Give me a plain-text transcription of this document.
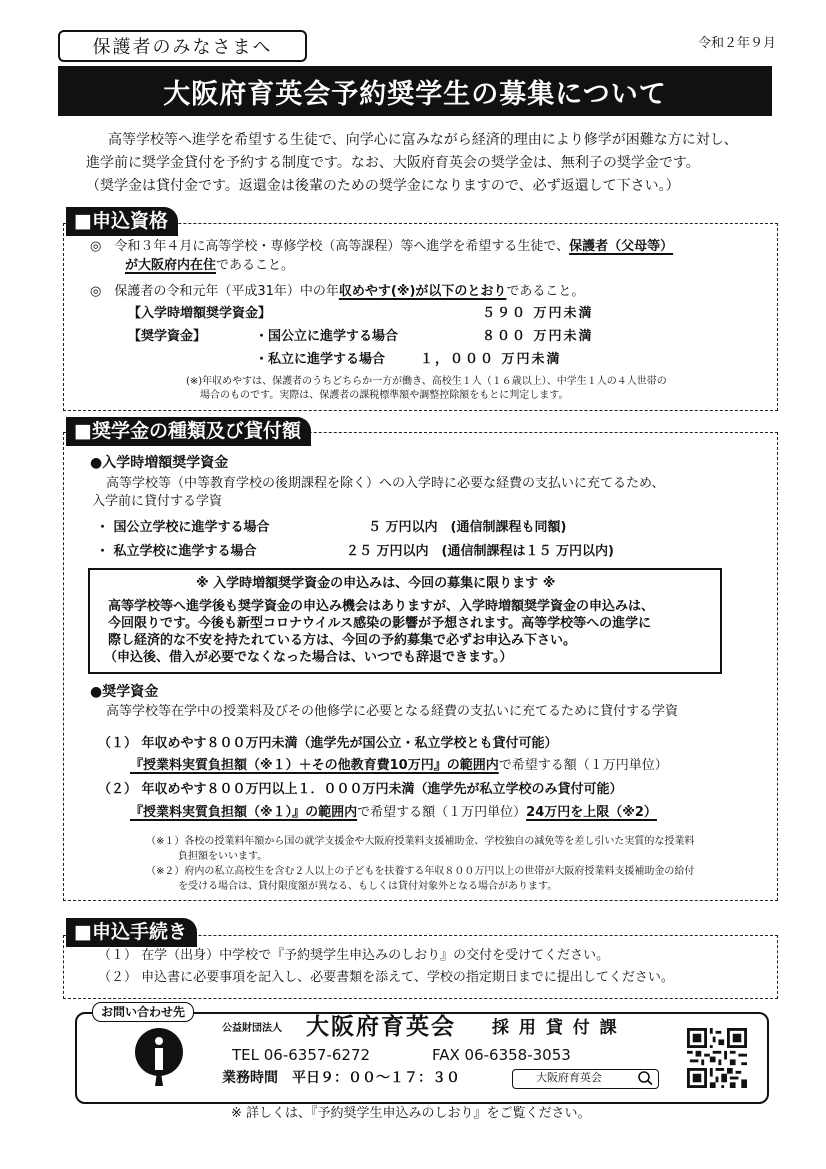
保護者のみなさまへ	令和２年９月
大阪府育英会予約奨学生の募集について
高等学校等へ進学を希望する生徒で、向学心に富みながら経済的理由により修学が困難な方に対し、
進学前に奨学金貸付を予約する制度です。なお、大阪府育英会の奨学金は、無利子の奨学金です。
（奨学金は貸付金です。返還金は後輩のための奨学金になりますので、必ず返還して下さい。）
■申込資格
◎　令和３年４月に高等学校・専修学校（高等課程）等へ進学を希望する生徒で、保護者（父母等）
が大阪府内在住であること。
◎　保護者の令和元年（平成31年）中の年収めやす(※)が以下のとおりであること。
【入学時増額奨学資金】	５９０ 万円未満
【奨学資金】	・国公立に進学する場合	８００ 万円未満
・私立に進学する場合	１，０００ 万円未満
(※)年収めやすは、保護者のうちどちらか一方が働き、高校生１人（１６歳以上）、中学生１人の４人世帯の
場合のものです。実際は、保護者の課税標準額や調整控除額をもとに判定します。
■奨学金の種類及び貸付額
●入学時増額奨学資金
高等学校等（中等教育学校の後期課程を除く）への入学時に必要な経費の支払いに充てるため、
入学前に貸付する学資
・ 国公立学校に進学する場合	５ 万円以内　(通信制課程も同額)
・ 私立学校に進学する場合	２５ 万円以内　(通信制課程は１５ 万円以内)
※ 入学時増額奨学資金の申込みは、今回の募集に限ります ※
高等学校等へ進学後も奨学資金の申込み機会はありますが、入学時増額奨学資金の申込みは、
今回限りです。今後も新型コロナウイルス感染の影響が予想されます。高等学校等への進学に
際し経済的な不安を持たれている方は、今回の予約募集で必ずお申込み下さい。
（申込後、借入が必要でなくなった場合は、いつでも辞退できます。）
●奨学資金
高等学校等在学中の授業料及びその他修学に必要となる経費の支払いに充てるために貸付する学資
（１） 年収めやす８００万円未満（進学先が国公立・私立学校とも貸付可能）
『授業料実質負担額（※１）＋その他教育費10万円』の範囲内で希望する額（１万円単位）
（２） 年収めやす８００万円以上１．０００万円未満（進学先が私立学校のみ貸付可能）
『授業料実質負担額（※１）』の範囲内で希望する額（１万円単位）24万円を上限（※2）
（※１）各校の授業料年額から国の就学支援金や大阪府授業料支援補助金、学校独自の減免等を差し引いた実質的な授業料
負担額をいいます。
（※２）府内の私立高校生を含む２人以上の子どもを扶養する年収８００万円以上の世帯が大阪府授業料支援補助金の給付
を受ける場合は、貸付限度額が異なる、もしくは貸付対象外となる場合があります。
■申込手続き
（１） 在学（出身）中学校で『予約奨学生申込みのしおり』の交付を受けてください。
（２） 申込書に必要事項を記入し、必要書類を添えて、学校の指定期日までに提出してください。
お問い合わせ先
公益財団法人 大阪府育英会 採 用 貸 付 課
TEL 06-6357-6272	FAX 06-6358-3053
業務時間　平日９：００〜１７：３０	大阪府育英会
※ 詳しくは、『予約奨学生申込みのしおり』をご覧ください。
